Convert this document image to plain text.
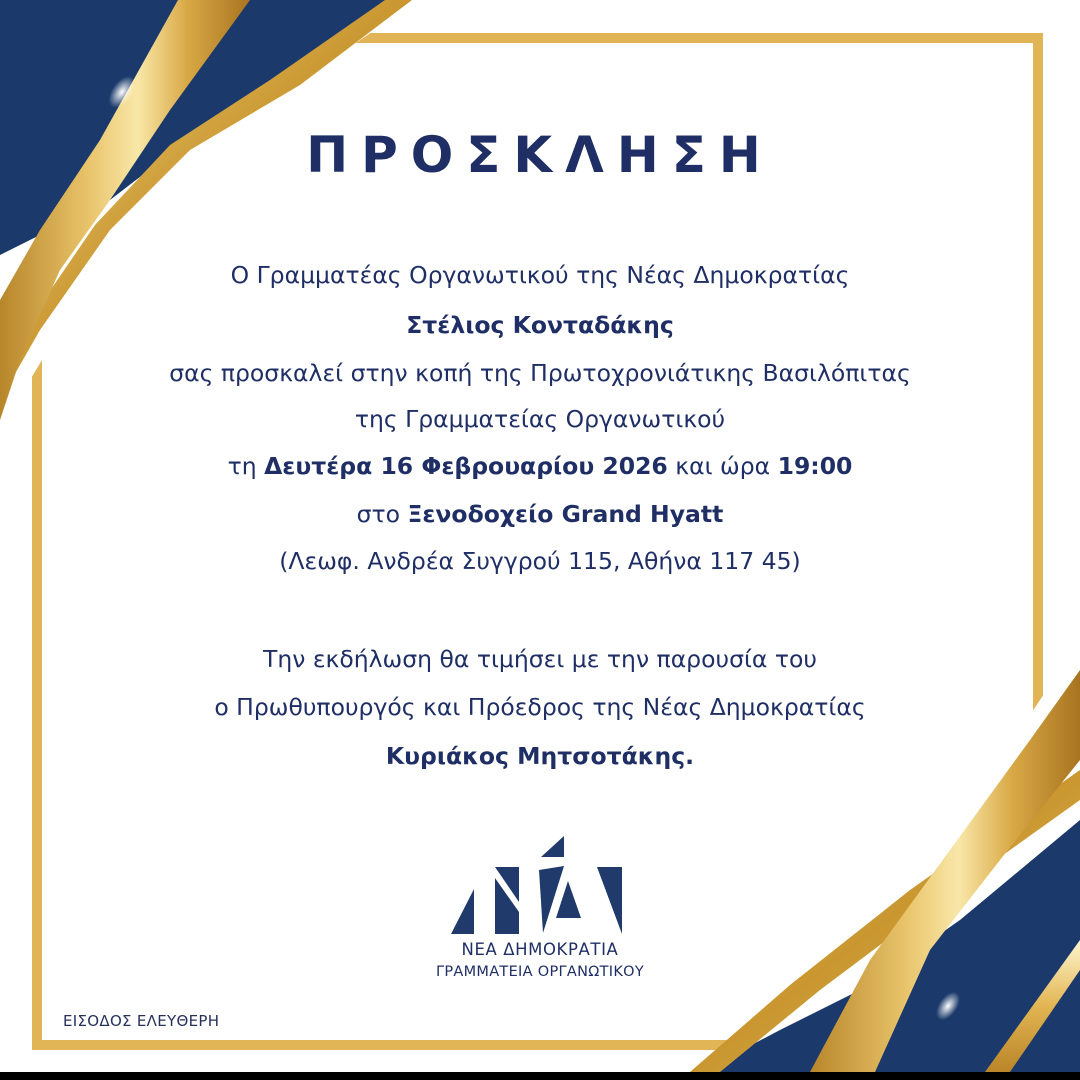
ΠΡΟΣΚΛΗΣΗ
Ο Γραμματέας Οργανωτικού της Νέας Δημοκρατίας
Στέλιος Κονταδάκης
σας προσκαλεί στην κοπή της Πρωτοχρονιάτικης Βασιλόπιτας
της Γραμματείας Οργανωτικού
τη Δευτέρα 16 Φεβρουαρίου 2026 και ώρα 19:00
στο Ξενοδοχείο Grand Hyatt
(Λεωφ. Ανδρέα Συγγρού 115, Αθήνα 117 45)
Την εκδήλωση θα τιμήσει με την παρουσία του
ο Πρωθυπουργός και Πρόεδρος της Νέας Δημοκρατίας
Κυριάκος Μητσοτάκης.
ΝΕΑ ΔΗΜΟΚΡΑΤΙΑ
ΓΡΑΜΜΑΤΕΙΑ ΟΡΓΑΝΩΤΙΚΟΥ
ΕΙΣΟΔΟΣ ΕΛΕΥΘΕΡΗ
